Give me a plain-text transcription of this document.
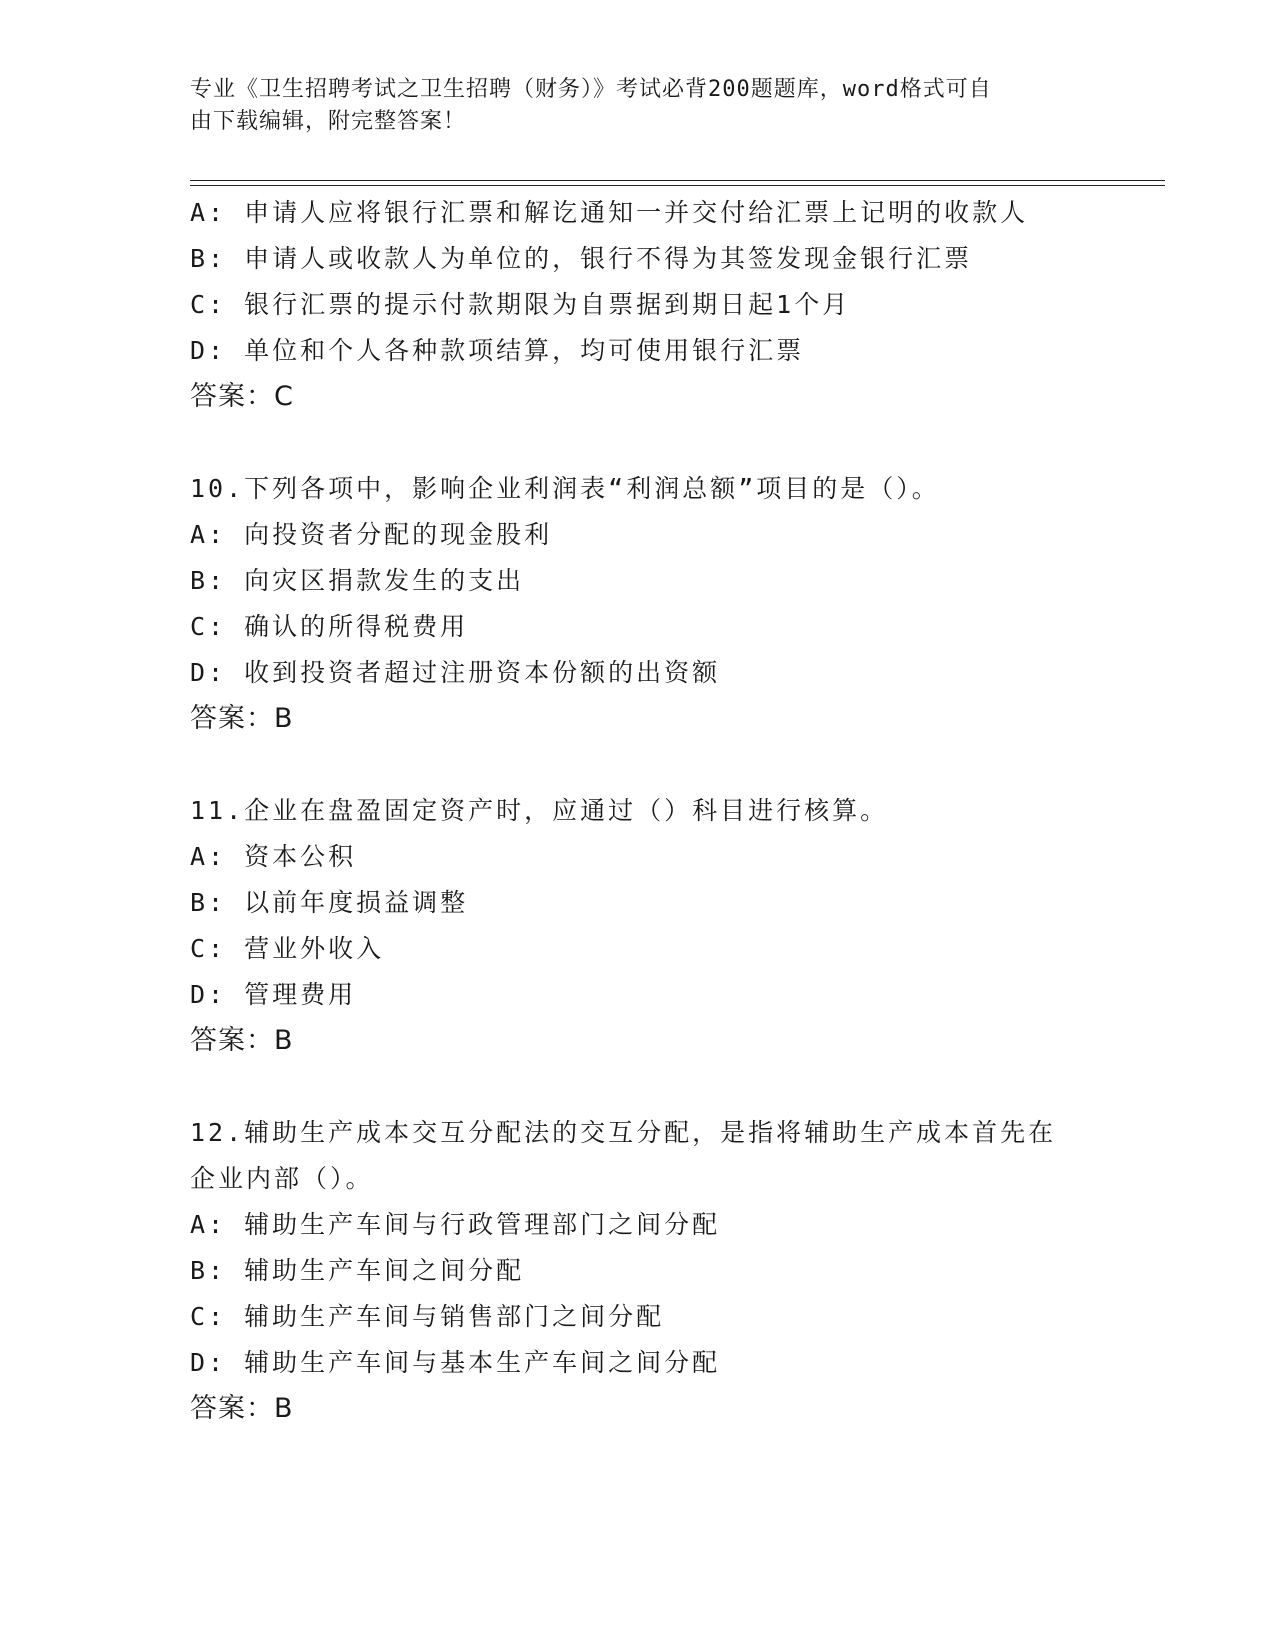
专业《卫生招聘考试之卫生招聘（财务）》考试必背200题题库，word格式可自
由下载编辑，附完整答案！
A: 申请人应将银行汇票和解讫通知一并交付给汇票上记明的收款人
B: 申请人或收款人为单位的，银行不得为其签发现金银行汇票
C: 银行汇票的提示付款期限为自票据到期日起1个月
D: 单位和个人各种款项结算，均可使用银行汇票
答案：C
10.下列各项中，影响企业利润表“利润总额”项目的是（）。
A: 向投资者分配的现金股利
B: 向灾区捐款发生的支出
C: 确认的所得税费用
D: 收到投资者超过注册资本份额的出资额
答案：B
11.企业在盘盈固定资产时，应通过（）科目进行核算。
A: 资本公积
B: 以前年度损益调整
C: 营业外收入
D: 管理费用
答案：B
12.辅助生产成本交互分配法的交互分配，是指将辅助生产成本首先在
企业内部（）。
A: 辅助生产车间与行政管理部门之间分配
B: 辅助生产车间之间分配
C: 辅助生产车间与销售部门之间分配
D: 辅助生产车间与基本生产车间之间分配
答案：B
